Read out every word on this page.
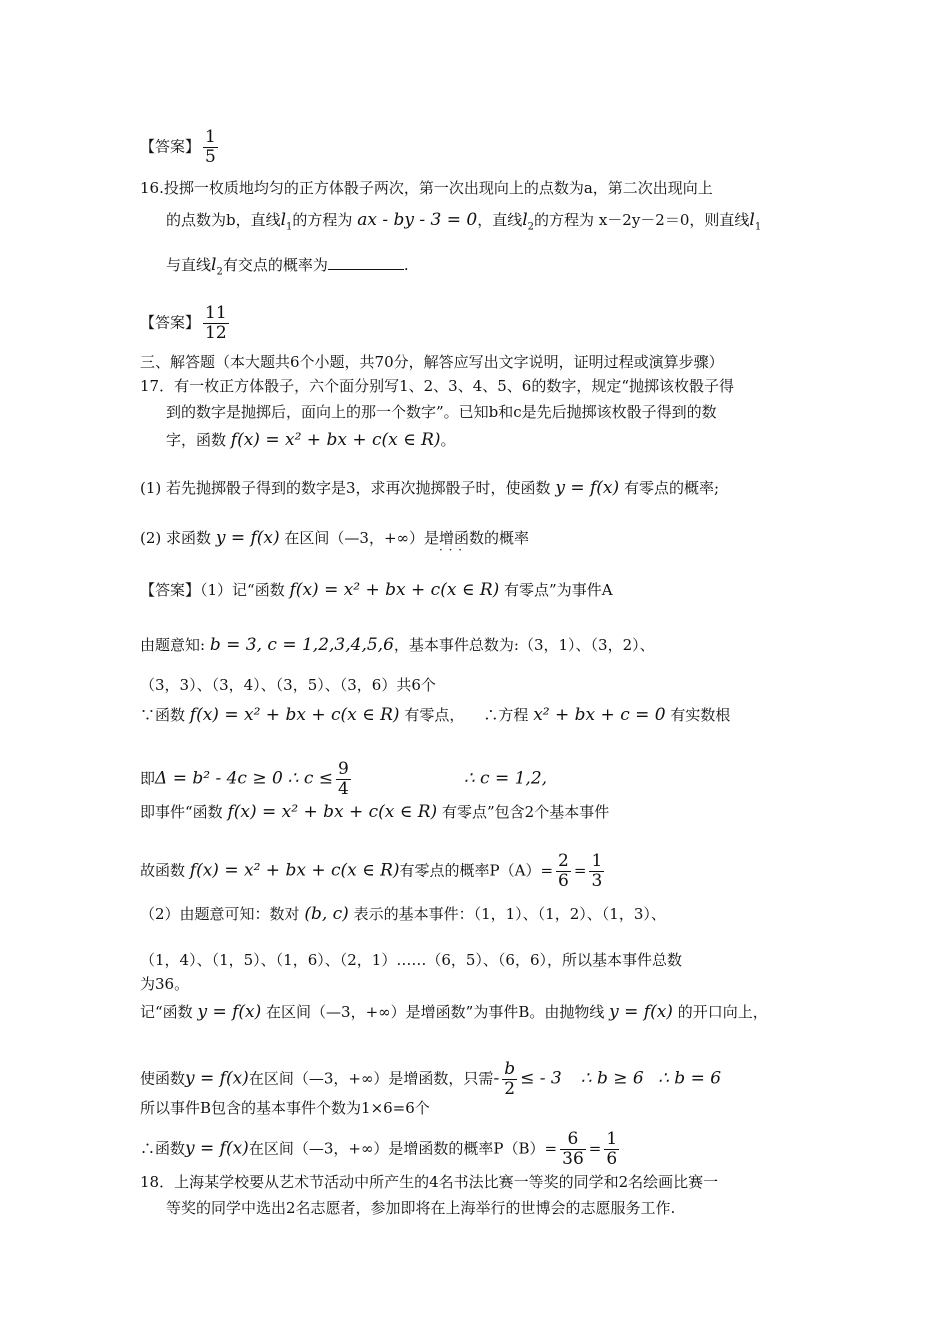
【答案】 $\frac{1}{5}$
16.投掷一枚质地均匀的正方体骰子两次，第一次出现向上的点数为a，第二次出现向上
的点数为b，直线$l_1$的方程为 ax - by - 3 = 0，直线$l_2$的方程为 x－2y－2＝0，则直线$l_1$
与直线$l_2$有交点的概率为	.
【答案】 $\frac{11}{12}$
三、解答题（本大题共6个小题，共70分，解答应写出文字说明，证明过程或演算步骤）
17．有一枚正方体骰子，六个面分别写1、2、3、4、5、6的数字，规定“抛掷该枚骰子得
到的数字是抛掷后，面向上的那一个数字”。已知b和c是先后抛掷该枚骰子得到的数
字，函数 f(x) = x² + bx + c(x ∈ R)。
(1) 若先抛掷骰子得到的数字是3，求再次抛掷骰子时，使函数 y = f(x) 有零点的概率;
(2) 求函数 y = f(x) 在区间（—3，+∞）是增函数 · · ·的概率
【答案】（1）记“函数 f(x) = x² + bx + c(x ∈ R) 有零点”为事件A
由题意知: b = 3, c = 1,2,3,4,5,6，基本事件总数为:（3，1）、（3，2）、
（3，3）、（3，4）、（3，5）、（3，6）共6个
∵函数 f(x) = x² + bx + c(x ∈ R) 有零点， ∴方程 x² + bx + c = 0 有实数根
即Δ = b² - 4c ≥ 0 ∴ $c \le \frac{9}{4}$	∴ c = 1,2,
即事件“函数 f(x) = x² + bx + c(x ∈ R) 有零点”包含2个基本事件
故函数 f(x) = x² + bx + c(x ∈ R)有零点的概率$P(A)= \frac{2}{6} = \frac{1}{3}$
（2）由题意可知：数对 (b, c) 表示的基本事件：（1，1）、（1，2）、（1，3）、
（1，4）、（1，5）、（1，6）、（2，1）……（6，5）、（6，6），所以基本事件总数
为36。
记“函数 y = f(x) 在区间（—3，+∞）是增函数”为事件B。由抛物线 y = f(x) 的开口向上，
使函数y = f(x)在区间（—3，+∞）是增函数，只需- $\frac{b}{2}$ ≤ - 3 ∴ b ≥ 6 ∴ b = 6
所以事件B包含的基本事件个数为1×6=6个
∴函数y = f(x)在区间（—3，+∞）是增函数的概率$P(B)= \frac{6}{36} = \frac{1}{6}$
18．上海某学校要从艺术节活动中所产生的4名书法比赛一等奖的同学和2名绘画比赛一
等奖的同学中选出2名志愿者，参加即将在上海举行的世博会的志愿服务工作.
